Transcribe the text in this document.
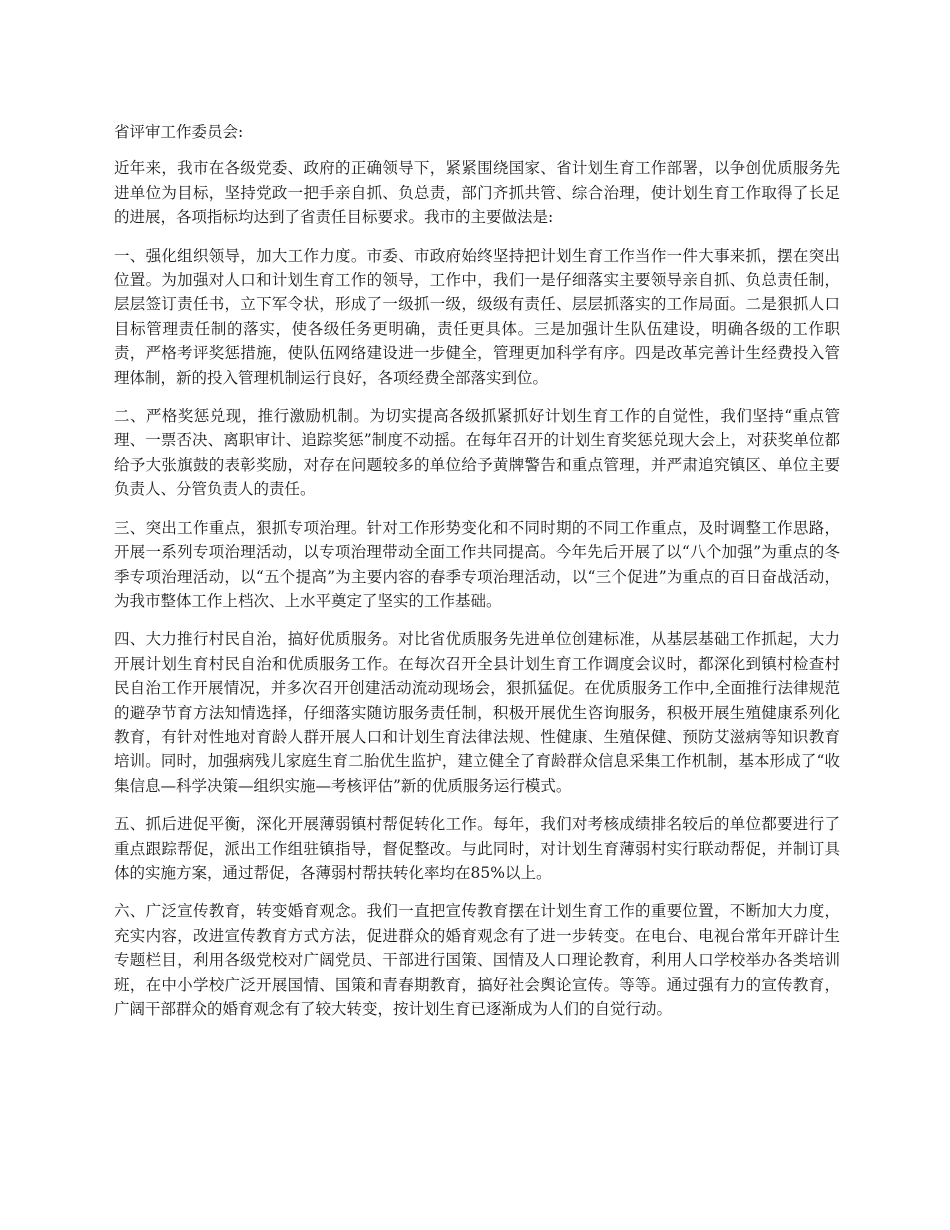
省评审工作委员会:

近年来，我市在各级党委、政府的正确领导下，紧紧围绕国家、省计划生育工作部署，以争创优质服务先进单位为目标，坚持党政一把手亲自抓、负总责，部门齐抓共管、综合治理，使计划生育工作取得了长足的进展，各项指标均达到了省责任目标要求。我市的主要做法是:

一、强化组织领导，加大工作力度。市委、市政府始终坚持把计划生育工作当作一件大事来抓，摆在突出位置。为加强对人口和计划生育工作的领导，工作中，我们一是仔细落实主要领导亲自抓、负总责任制，层层签订责任书，立下军令状，形成了一级抓一级，级级有责任、层层抓落实的工作局面。二是狠抓人口目标管理责任制的落实，使各级任务更明确，责任更具体。三是加强计生队伍建设，明确各级的工作职责，严格考评奖惩措施，使队伍网络建设进一步健全，管理更加科学有序。四是改革完善计生经费投入管理体制，新的投入管理机制运行良好，各项经费全部落实到位。

二、严格奖惩兑现，推行激励机制。为切实提高各级抓紧抓好计划生育工作的自觉性，我们坚持“重点管理、一票否决、离职审计、追踪奖惩”制度不动摇。在每年召开的计划生育奖惩兑现大会上，对获奖单位都给予大张旗鼓的表彰奖励，对存在问题较多的单位给予黄牌警告和重点管理，并严肃追究镇区、单位主要负责人、分管负责人的责任。

三、突出工作重点，狠抓专项治理。针对工作形势变化和不同时期的不同工作重点，及时调整工作思路，开展一系列专项治理活动，以专项治理带动全面工作共同提高。今年先后开展了以“八个加强”为重点的冬季专项治理活动，以“五个提高”为主要内容的春季专项治理活动，以“三个促进”为重点的百日奋战活动，为我市整体工作上档次、上水平奠定了坚实的工作基础。

四、大力推行村民自治，搞好优质服务。对比省优质服务先进单位创建标准，从基层基础工作抓起，大力开展计划生育村民自治和优质服务工作。在每次召开全县计划生育工作调度会议时，都深化到镇村检查村民自治工作开展情况，并多次召开创建活动流动现场会，狠抓猛促。在优质服务工作中,全面推行法律规范的避孕节育方法知情选择，仔细落实随访服务责任制，积极开展优生咨询服务，积极开展生殖健康系列化教育，有针对性地对育龄人群开展人口和计划生育法律法规、性健康、生殖保健、预防艾滋病等知识教育培训。同时，加强病残儿家庭生育二胎优生监护，建立健全了育龄群众信息采集工作机制，基本形成了“收集信息—科学决策—组织实施—考核评估”新的优质服务运行模式。

五、抓后进促平衡，深化开展薄弱镇村帮促转化工作。每年，我们对考核成绩排名较后的单位都要进行了重点跟踪帮促，派出工作组驻镇指导，督促整改。与此同时，对计划生育薄弱村实行联动帮促，并制订具体的实施方案，通过帮促，各薄弱村帮扶转化率均在85%以上。

六、广泛宣传教育，转变婚育观念。我们一直把宣传教育摆在计划生育工作的重要位置，不断加大力度，充实内容，改进宣传教育方式方法，促进群众的婚育观念有了进一步转变。在电台、电视台常年开辟计生专题栏目，利用各级党校对广阔党员、干部进行国策、国情及人口理论教育，利用人口学校举办各类培训班，在中小学校广泛开展国情、国策和青春期教育，搞好社会舆论宣传。等等。通过强有力的宣传教育，广阔干部群众的婚育观念有了较大转变，按计划生育已逐渐成为人们的自觉行动。
